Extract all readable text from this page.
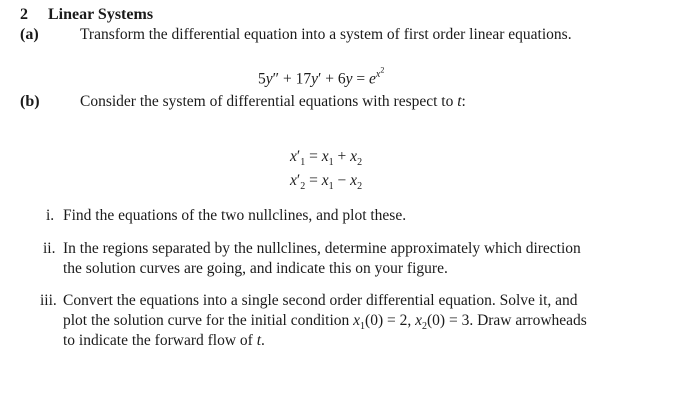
2 Linear Systems
(a)	Transform the differential equation into a system of first order linear equations.
$5y'' + 17y' + 6y = e^{x^2}$
(b)	Consider the system of differential equations with respect to t:
$x'_1 = x_1 + x_2$
$x'_2 = x_1 - x_2$
i. Find the equations of the two nullclines, and plot these.
ii. In the regions separated by the nullclines, determine approximately which direction
the solution curves are going, and indicate this on your figure.
iii. Convert the equations into a single second order differential equation. Solve it, and
plot the solution curve for the initial condition $x_1(0) = 2$, $x_2(0) = 3$. Draw arrowheads
to indicate the forward flow of t.
